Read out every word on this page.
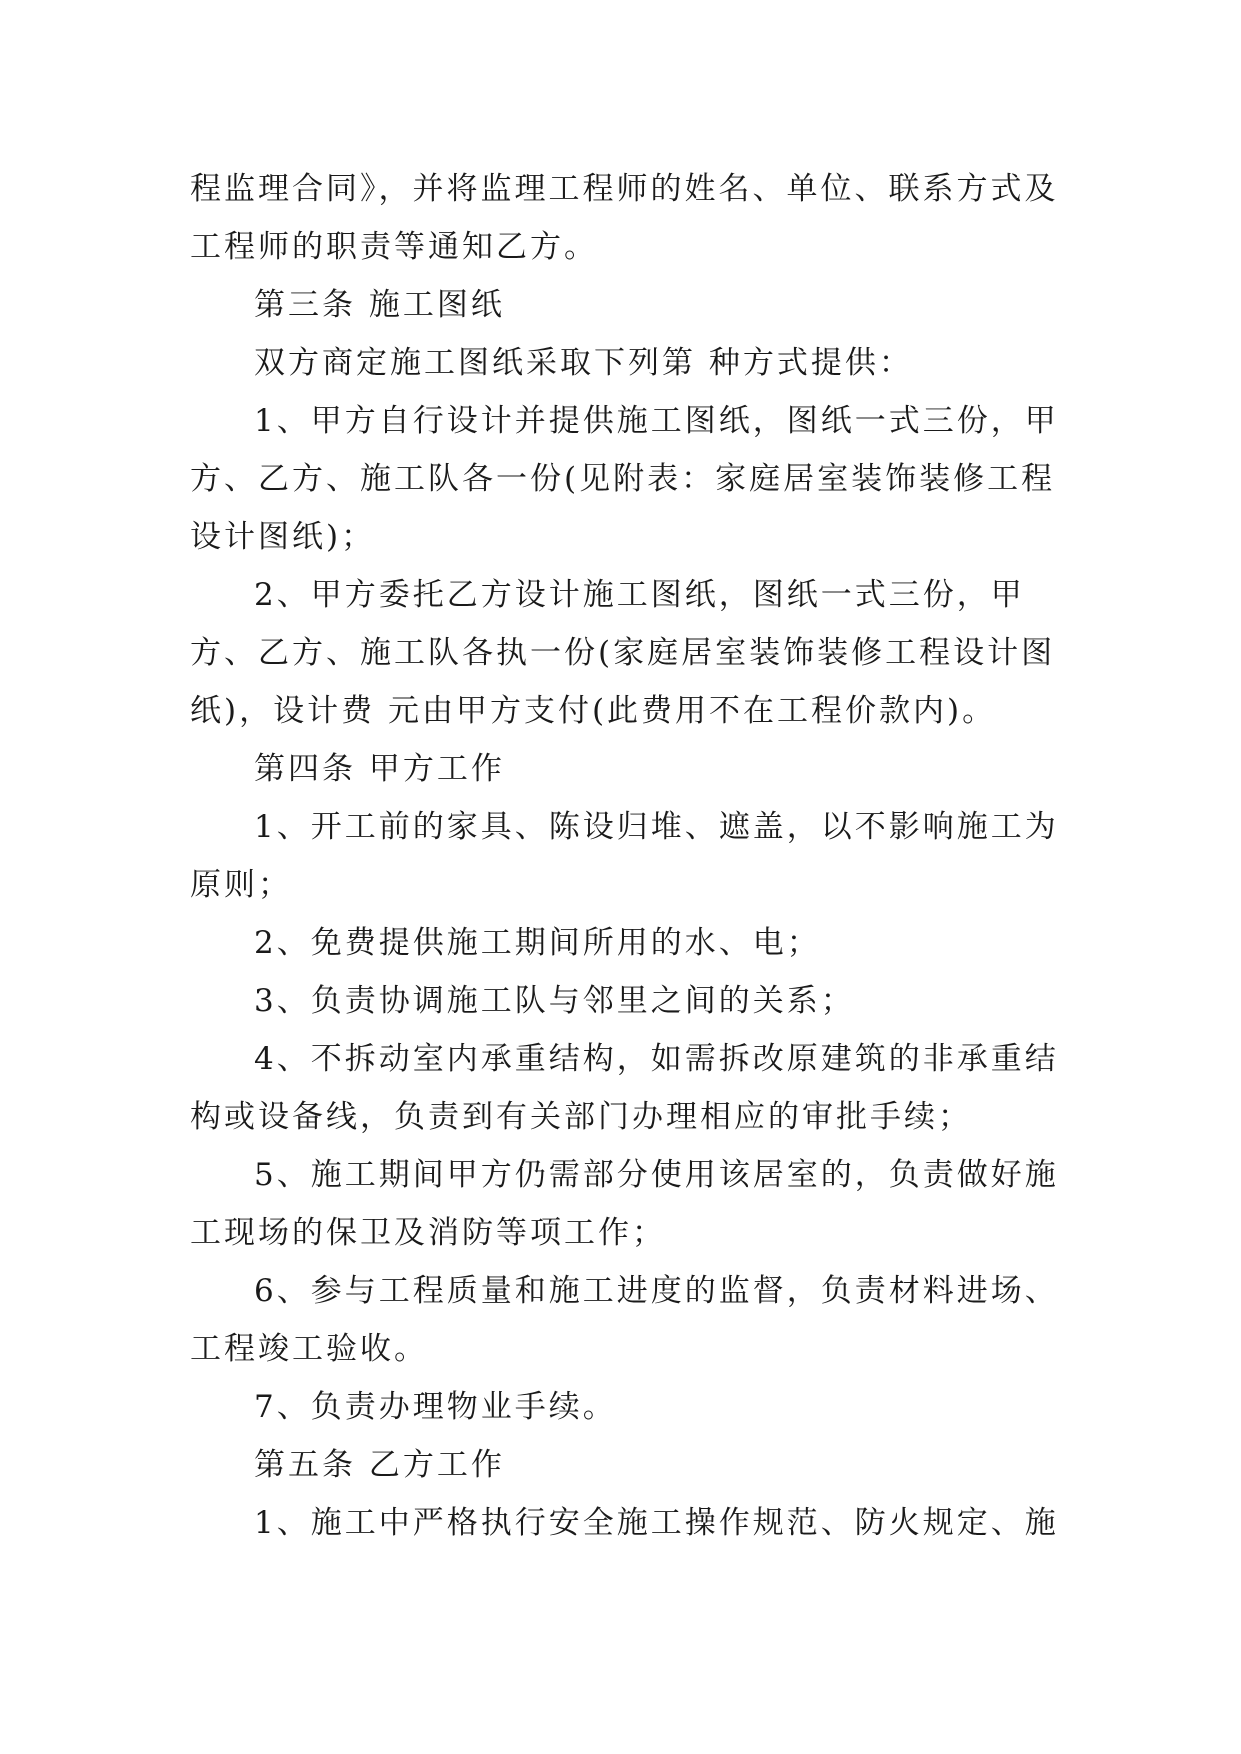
程监理合同》，并将监理工程师的姓名、单位、联系方式及工程师的职责等通知乙方。

第三条 施工图纸

双方商定施工图纸采取下列第 种方式提供：

1、甲方自行设计并提供施工图纸，图纸一式三份，甲方、乙方、施工队各一份(见附表：家庭居室装饰装修工程设计图纸)；

2、甲方委托乙方设计施工图纸，图纸一式三份，甲方、乙方、施工队各执一份(家庭居室装饰装修工程设计图纸)，设计费 元由甲方支付(此费用不在工程价款内)。

第四条 甲方工作

1、开工前的家具、陈设归堆、遮盖，以不影响施工为原则；

2、免费提供施工期间所用的水、电；

3、负责协调施工队与邻里之间的关系；

4、不拆动室内承重结构，如需拆改原建筑的非承重结构或设备线，负责到有关部门办理相应的审批手续；

5、施工期间甲方仍需部分使用该居室的，负责做好施工现场的保卫及消防等项工作；

6、参与工程质量和施工进度的监督，负责材料进场、工程竣工验收。

7、负责办理物业手续。

第五条 乙方工作

1、施工中严格执行安全施工操作规范、防火规定、施
